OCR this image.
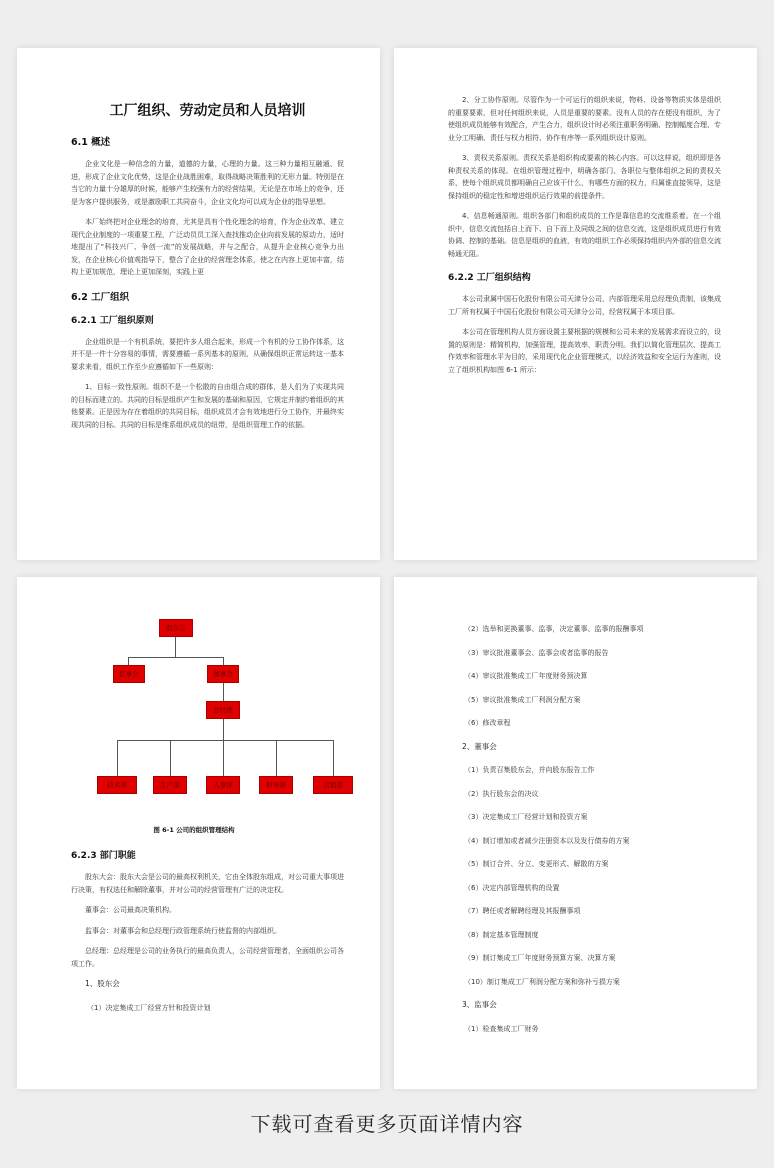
工厂组织、劳动定员和人员培训
6.1 概述

企业文化是一种信念的力量，道德的力量，心理的力量。这三种力量相互融通、促进，形成了企业文化优势，这是企业战胜困难，取得战略决策胜利的无形力量。特别是在当它的力量十分雄厚的时候，能够产生较强有力的经营结果，无论是在市场上的竞争，还是为客户提供服务，或是激励职工共同奋斗，企业文化均可以成为企业的指导思想。

本厂始终把对企业理念的培育，尤其是具有个性化理念的培育，作为企业改革、建立现代企业制度的一项重要工程，广泛动员员工深入查找推动企业向前发展的原动力，适时地提出了“科技兴厂、争创一流”的发展战略，并与之配合，从提升企业核心竞争力出发，在企业核心价值观指导下，整合了企业的经营理念体系，使之在内容上更加丰富，结构上更加规范，理论上更加深刻，实践上更

6.2 工厂组织
6.2.1 工厂组织原则

企业组织是一个有机系统，要把许多人组合起来，形成一个有机的分工协作体系，这并不是一件十分容易的事情，需要遵循一系列基本的原则，从确保组织正常运转这一基本要求来看，组织工作至少应遵循如下一些原则：

1、目标一致性原则。组织不是一个松散的自由组合成的群体，是人们为了实现共同的目标而建立的。共同的目标是组织产生和发展的基础和原因，它规定并制约着组织的其他要素。正是因为存在着组织的共同目标，组织成员才会有效地进行分工协作，并最终实现共同的目标。共同的目标是维系组织成员的纽带，是组织管理工作的依据。

2、分工协作原则。尽管作为一个可运行的组织来说，物料、设备等物质实体是组织的重要要素，但对任何组织来说，人员是重要的要素。没有人员的存在便没有组织，为了使组织成员能够有效配合，产生合力，组织设计时必须注重职务明确、控制幅度合理、专业分工明确、责任与权力相符、协作有序等一系列组织设计原则。

3、责权关系原则。责权关系是组织构成要素的核心内容。可以这样说，组织即是各种责权关系的体现。在组织管理过程中，明确各部门、各职位与整体组织之间的责权关系，使每个组织成员都明确自己应该干什么，有哪些方面的权力，归属谁直接领导，这是保持组织的稳定性和增进组织运行效果的前提条件。

4、信息畅通原则。组织各部门和组织成员的工作是靠信息的交流维系着。在一个组织中，信息交流包括自上而下、自下而上及同级之间的信息交流，这是组织成员进行有效协调、控制的基础。信息是组织的血液，有效的组织工作必须保持组织内外部的信息交流畅通无阻。

6.2.2 工厂组织结构

本公司隶属中国石化股份有限公司天津分公司，内部管理采用总经理负责制，该集成工厂所有权属于中国石化股份有限公司天津分公司，经营权属于本项目部。

本公司在管理机构人员方面设置主要根据的规模和公司未来的发展需求而设立的，设置的原则是：精简机构，加强管理，提高效率，职责分明。我们以简化管理层次、提高工作效率和管理水平为目的，采用现代化企业管理模式，以经济效益和安全运行为准则，设立了组织机构如图 6-1 所示：

股东会
监事会	董事会
总经理
技术部	生产部	人事部	财务部	营销部
图 6-1 公司的组织管理结构
6.2.3 部门职能

股东大会：股东大会是公司的最高权利机关，它由全体股东组成，对公司重大事项进行决策，有权选任和解除董事，并对公司的经营管理有广泛的决定权。

董事会：公司最高决策机构。

监事会：对董事会和总经理行政管理系统行使监督的内部组织。

总经理：总经理是公司的业务执行的最高负责人，公司经营管理者，全面组织公司各项工作。

1、股东会
（1）决定集成工厂经营方针和投资计划
（2）选举和更换董事、监事，决定董事、监事的报酬事项
（3）审议批准董事会、监事会或者监事的报告
（4）审议批准集成工厂年度财务预决算
（5）审议批准集成工厂利润分配方案
（6）修改章程
2、董事会
（1）负责召集股东会，并向股东报告工作
（2）执行股东会的决议
（3）决定集成工厂经营计划和投资方案
（4）制订增加或者减少注册资本以及发行债券的方案
（5）制订合并、分立、变更形式、解散的方案
（6）决定内部管理机构的设置
（7）聘任或者解聘经理及其报酬事项
（8）制定基本管理制度
（9）制订集成工厂年度财务预算方案、决算方案
（10）制订集成工厂利润分配方案和弥补亏损方案
3、监事会
（1）检查集成工厂财务
下载可查看更多页面详情内容
